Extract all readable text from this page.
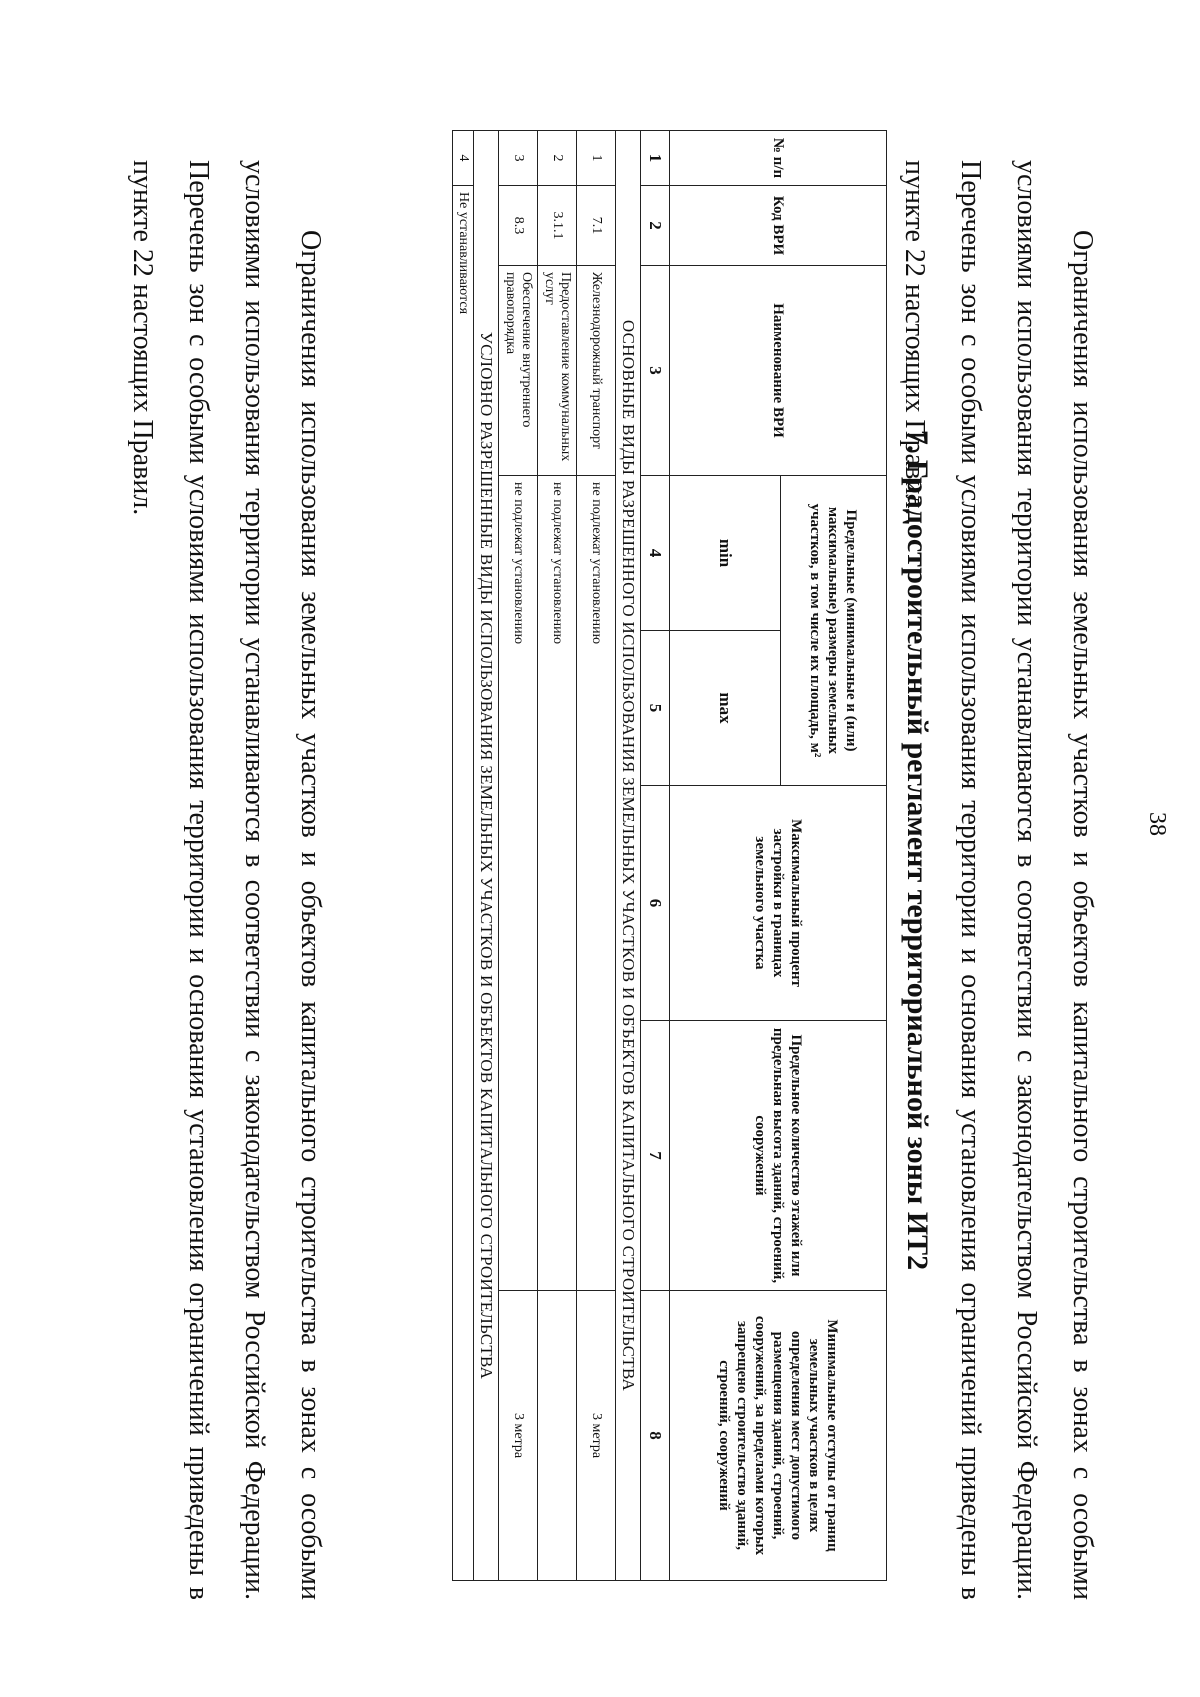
38

Ограничения использования земельных участков и объектов капитального строительства в зонах с особыми условиями использования территории устанавливаются в соответствии с законодательством Российской Федерации. Перечень зон с особыми условиями использования территории и основания установления ограничений приведены в пункте 22 настоящих Правил.

7. Градостроительный регламент территориальной зоны ИТ2
№ п/п	Код ВРИ	Наименование ВРИ	Предельные (минимальные и (или) максимальные) размеры земельных участков, в том числе их площадь, м²		Максимальный процент застройки в границах земельного участка	Предельное количество этажей или предельная высота зданий, строений, сооружений	Минимальные отступы от границ земельных участков в целях определения мест допустимого размещения зданий, строений, сооружений, за пределами которых запрещено строительство зданий, строений, сооружений
			min	max			
1	2	3	4	5	6	7	8
ОСНОВНЫЕ ВИДЫ РАЗРЕШЕННОГО ИСПОЛЬЗОВАНИЯ ЗЕМЕЛЬНЫХ УЧАСТКОВ И ОБЪЕКТОВ КАПИТАЛЬНОГО СТРОИТЕЛЬСТВА							
1	7.1	Железнодорожный транспорт	не подлежат установлению				3 метра
2	3.1.1	Предоставление коммунальных услуг	не подлежат установлению				
3	8.3	Обеспечение внутреннего правопорядка	не подлежат установлению				3 метра
УСЛОВНО РАЗРЕШЕННЫЕ ВИДЫ ИСПОЛЬЗОВАНИЯ ЗЕМЕЛЬНЫХ УЧАСТКОВ И ОБЪЕКТОВ КАПИТАЛЬНОГО СТРОИТЕЛЬСТВА							
4	Не устанавливаются						

Ограничения использования земельных участков и объектов капитального строительства в зонах с особыми условиями использования территории устанавливаются в соответствии с законодательством Российской Федерации. Перечень зон с особыми условиями использования территории и основания установления ограничений приведены в пункте 22 настоящих Правил.
